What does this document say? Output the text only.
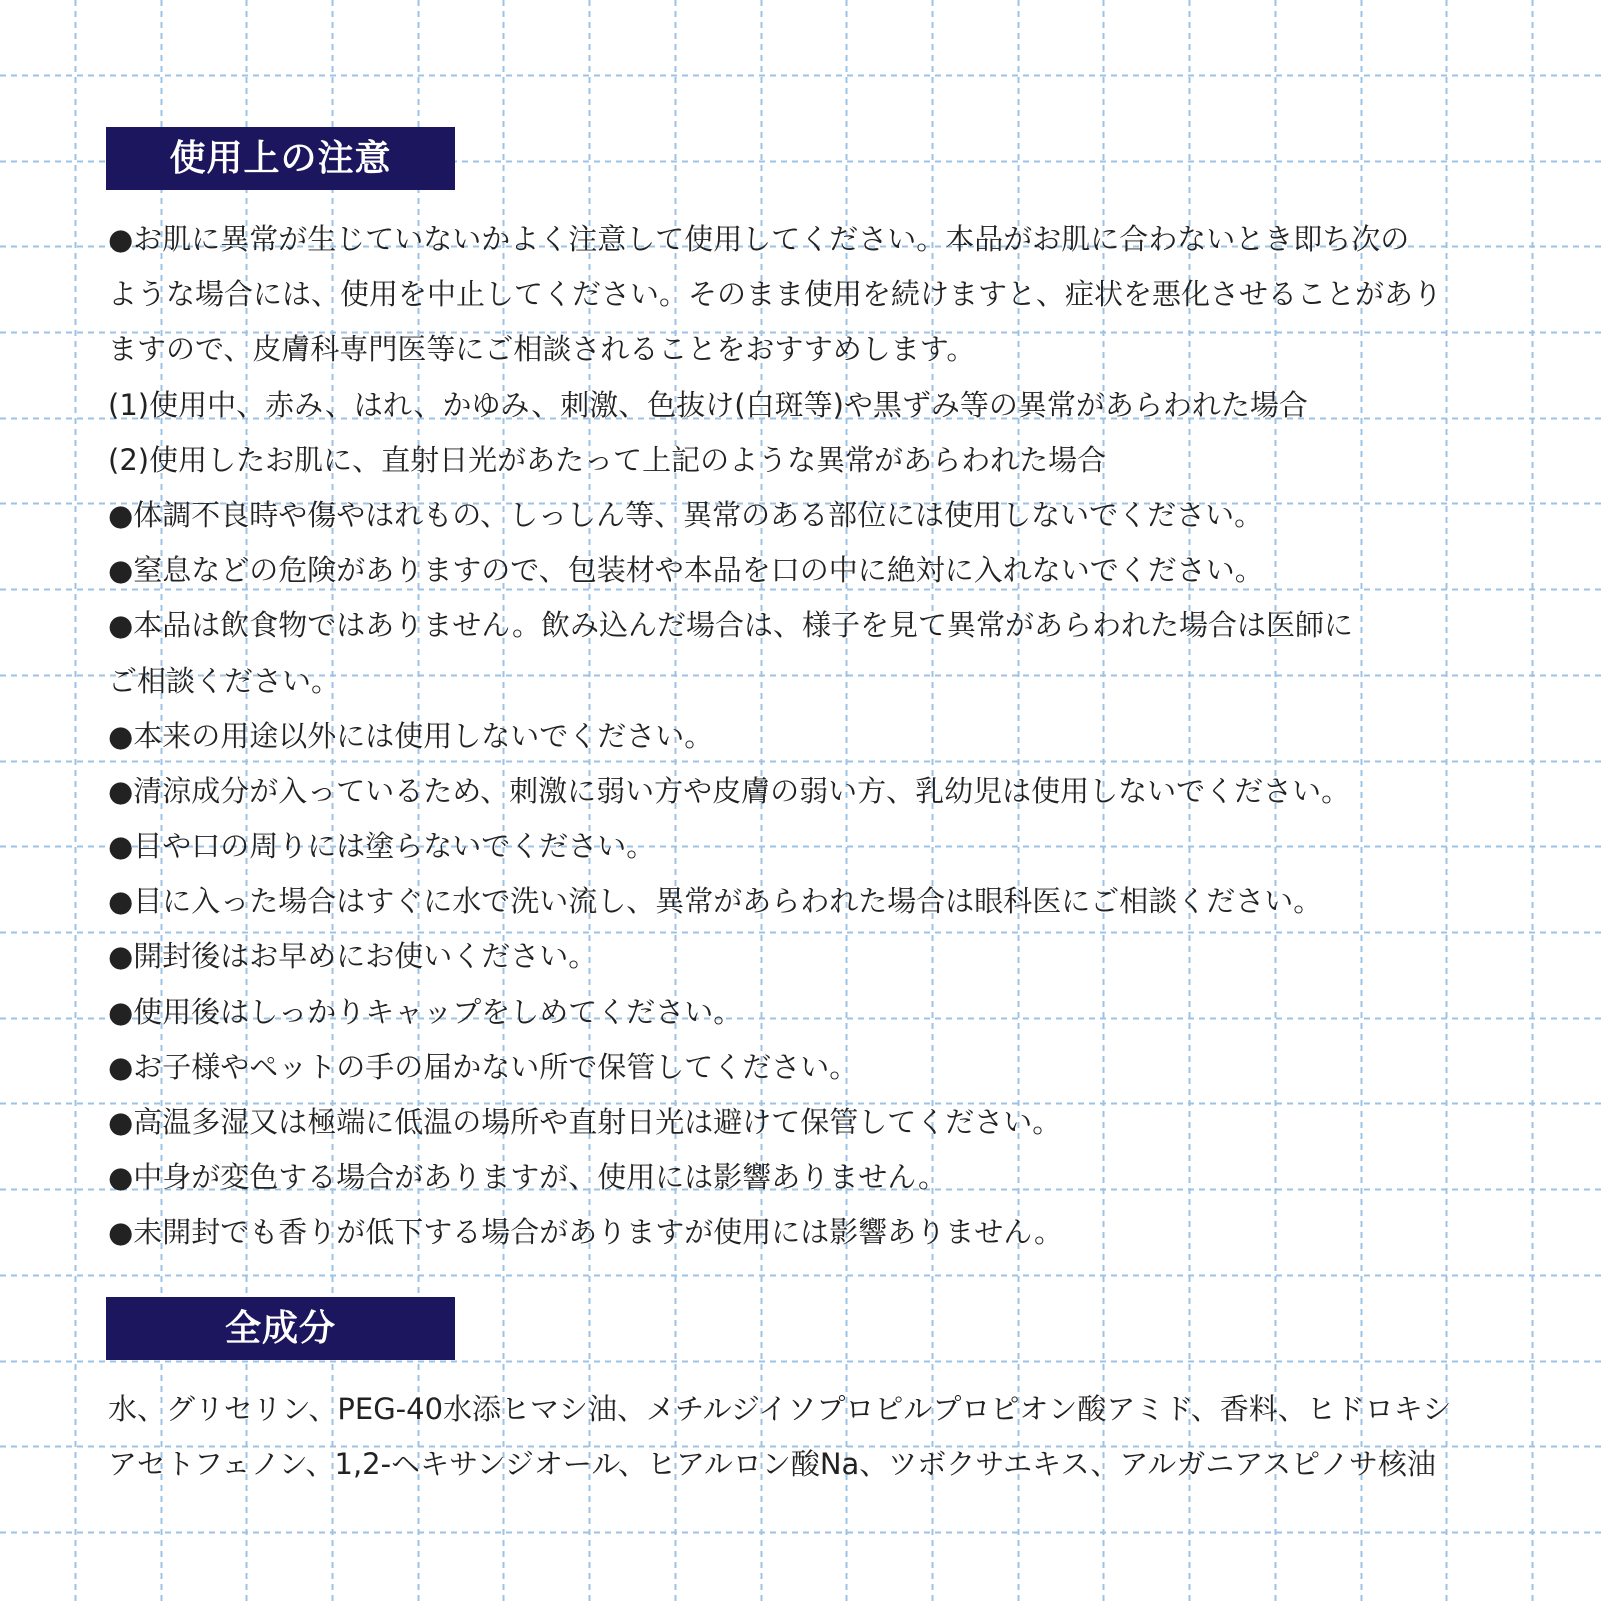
使用上の注意
●お肌に異常が生じていないかよく注意して使用してください。本品がお肌に合わないとき即ち次の
ような場合には、使用を中止してください。そのまま使用を続けますと、症状を悪化させることがあり
ますので、皮膚科専門医等にご相談されることをおすすめします。
(1)使用中、赤み、はれ、かゆみ、刺激、色抜け(白斑等)や黒ずみ等の異常があらわれた場合
(2)使用したお肌に、直射日光があたって上記のような異常があらわれた場合
●体調不良時や傷やはれもの、しっしん等、異常のある部位には使用しないでください。
●窒息などの危険がありますので、包装材や本品を口の中に絶対に入れないでください。
●本品は飲食物ではありません。飲み込んだ場合は、様子を見て異常があらわれた場合は医師に
ご相談ください。
●本来の用途以外には使用しないでください。
●清涼成分が入っているため、刺激に弱い方や皮膚の弱い方、乳幼児は使用しないでください。
●目や口の周りには塗らないでください。
●目に入った場合はすぐに水で洗い流し、異常があらわれた場合は眼科医にご相談ください。
●開封後はお早めにお使いください。
●使用後はしっかりキャップをしめてください。
●お子様やペットの手の届かない所で保管してください。
●高温多湿又は極端に低温の場所や直射日光は避けて保管してください。
●中身が変色する場合がありますが、使用には影響ありません。
●未開封でも香りが低下する場合がありますが使用には影響ありません。
全成分
水、グリセリン、PEG-40水添ヒマシ油、メチルジイソプロピルプロピオン酸アミド、香料、ヒドロキシ
アセトフェノン、1,2-ヘキサンジオール、ヒアルロン酸Na、ツボクサエキス、アルガニアスピノサ核油
